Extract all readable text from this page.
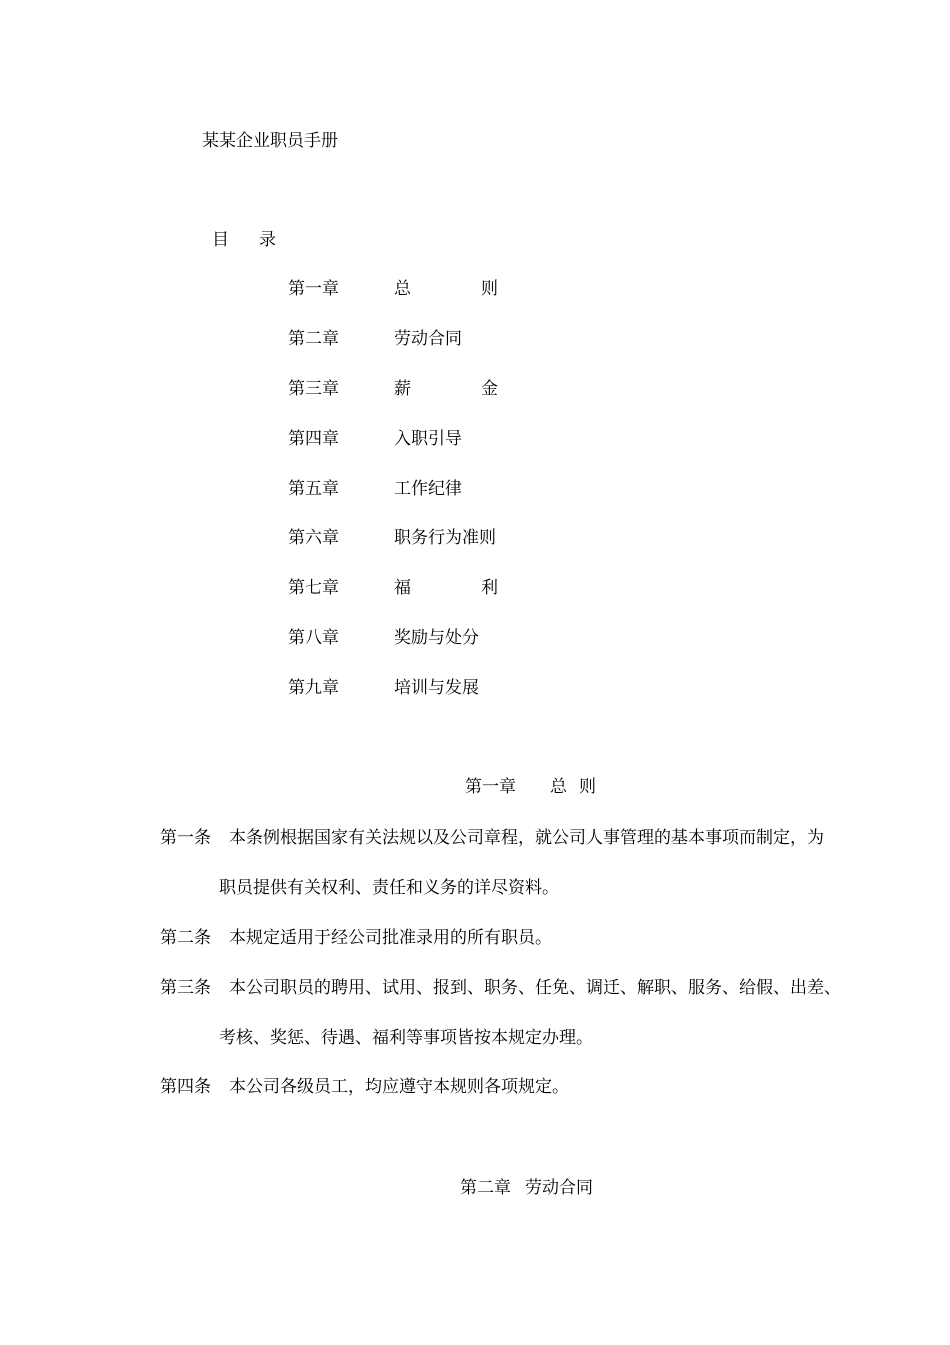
某某企业职员手册
目 录
第一章	总	则
第二章	劳动合同
第三章	薪	金
第四章	入职引导
第五章	工作纪律
第六章	职务行为准则
第七章	福	利
第八章	奖励与处分
第九章	培训与发展
第一章 总 则
第一条 本条例根据国家有关法规以及公司章程，就公司人事管理的基本事项而制定，为
职员提供有关权利、责任和义务的详尽资料。
第二条 本规定适用于经公司批准录用的所有职员。
第三条 本公司职员的聘用、试用、报到、职务、任免、调迁、解职、服务、给假、出差、
考核、奖惩、待遇、福利等事项皆按本规定办理。
第四条 本公司各级员工，均应遵守本规则各项规定。
第二章 劳动合同
